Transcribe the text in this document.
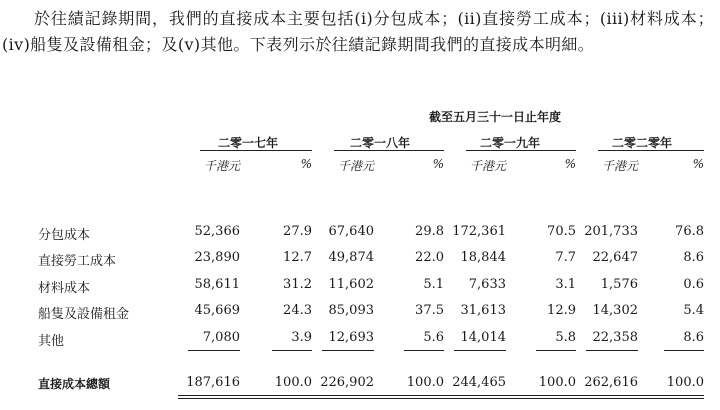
於往績記錄期間，我們的直接成本主要包括(i)分包成本；(ii)直接勞工成本；(iii)材料成本；(iv)船隻及設備租金；及(v)其他。下表列示於往績記錄期間我們的直接成本明細。

截至五月三十一日止年度
二零一七年
千港元	%
二零一八年
千港元	%
二零一九年
千港元	%
二零二零年
千港元	%
分包成本	52,366	27.9	67,640	29.8 172,361	70.5 201,733	76.8
直接勞工成本	23,890	12.7	49,874	22.0	18,844	7.7	22,647	8.6
材料成本	58,611	31.2	11,602	5.1	7,633	3.1	1,576	0.6
船隻及設備租金	45,669	24.3	85,093	37.5	31,613	12.9	14,302	5.4
其他	7,080	3.9	12,693	5.6	14,014	5.8	22,358	8.6
直接成本總額	187,616	100.0 226,902	100.0 244,465	100.0 262,616	100.0
